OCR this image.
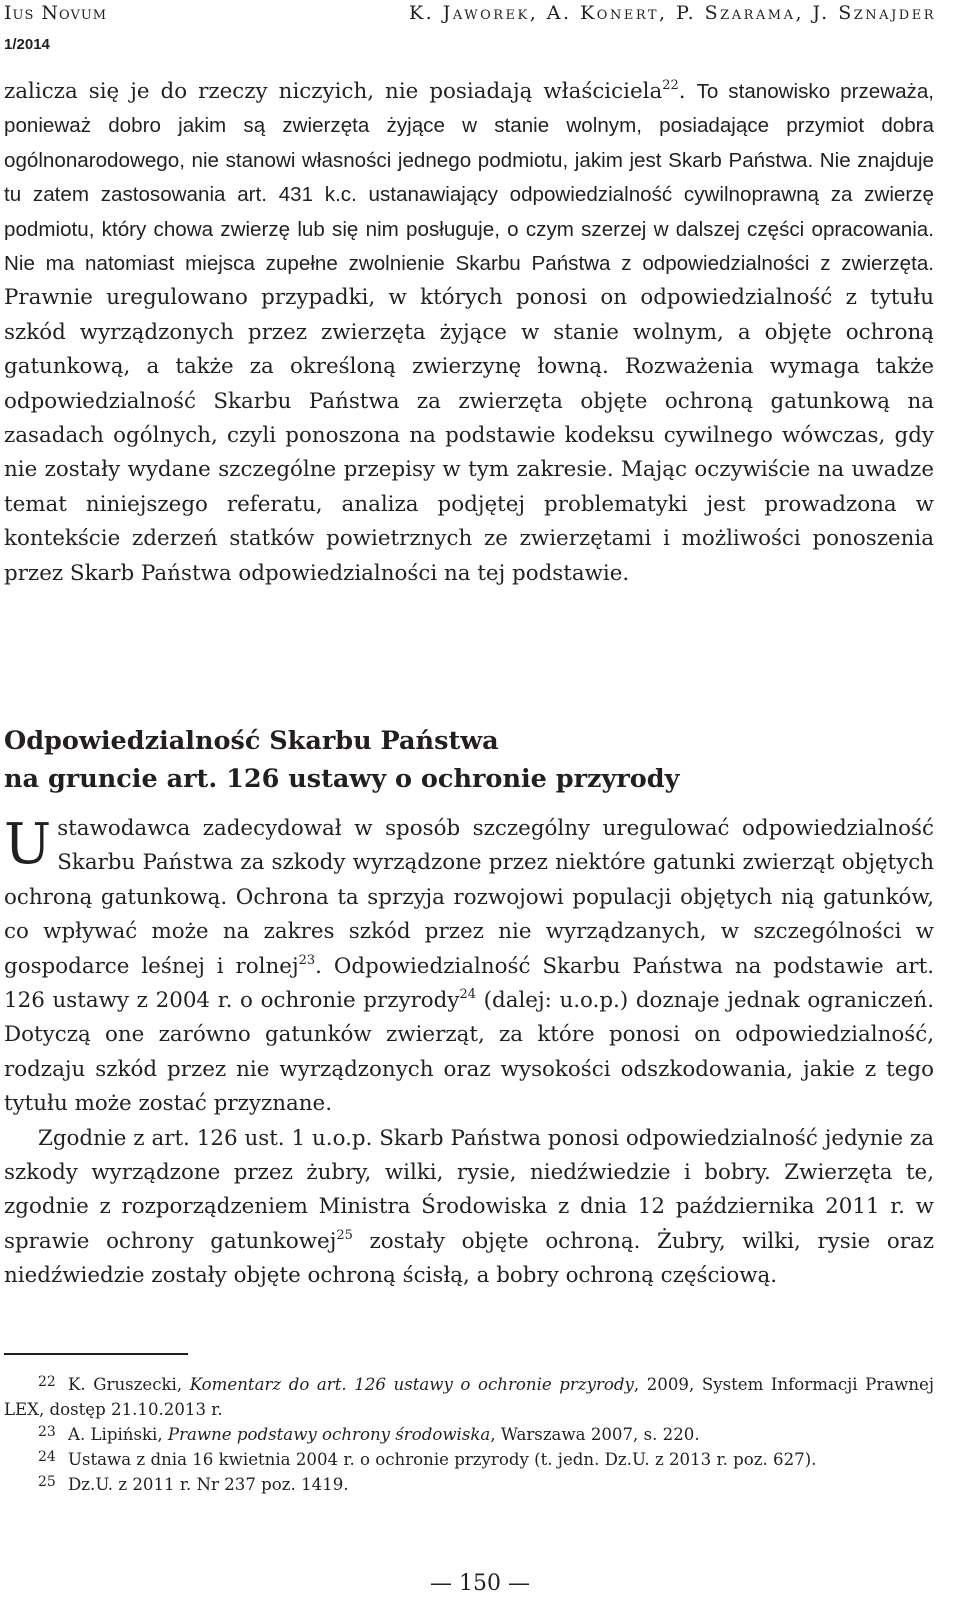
Ius Novum	K. Jaworek, A. Konert, P. Szarama, J. Sznajder
1/2014

zalicza się je do rzeczy niczyich, nie posiadają właściciela$^{22}$. To stanowisko przeważa, ponieważ dobro jakim są zwierzęta żyjące w stanie wolnym, posiadające przymiot dobra ogólnonarodowego, nie stanowi własności jednego podmiotu, jakim jest Skarb Państwa. Nie znajduje tu zatem zastosowania art. 431 k.c. ustanawiający odpowiedzialność cywilnoprawną za zwierzę podmiotu, który chowa zwierzę lub się nim posługuje, o czym szerzej w dalszej części opracowania. Nie ma natomiast miejsca zupełne zwolnienie Skarbu Państwa z odpowiedzialności z zwierzęta. Prawnie uregulowano przypadki, w których ponosi on odpowiedzialność z tytułu szkód wyrządzonych przez zwierzęta żyjące w stanie wolnym, a objęte ochroną gatunkową, a także za określoną zwierzynę łowną. Rozważenia wymaga także odpowiedzialność Skarbu Państwa za zwierzęta objęte ochroną gatunkową na zasadach ogólnych, czyli ponoszona na podstawie kodeksu cywilnego wówczas, gdy nie zostały wydane szczególne przepisy w tym zakresie. Mając oczywiście na uwadze temat niniejszego referatu, analiza podjętej problematyki jest prowadzona w kontekście zderzeń statków powietrznych ze zwierzętami i możliwości ponoszenia przez Skarb Państwa odpowiedzialności na tej podstawie.

Odpowiedzialność Skarbu Państwa
na gruncie art. 126 ustawy o ochronie przyrody

Ustawodawca zadecydował w sposób szczególny uregulować odpowiedzialność Skarbu Państwa za szkody wyrządzone przez niektóre gatunki zwierząt objętych ochroną gatunkową. Ochrona ta sprzyja rozwojowi populacji objętych nią gatunków, co wpływać może na zakres szkód przez nie wyrządzanych, w szczególności w gospodarce leśnej i rolnej$^{23}$. Odpowiedzialność Skarbu Państwa na podstawie art. 126 ustawy z 2004 r. o ochronie przyrody$^{24}$ (dalej: u.o.p.) doznaje jednak ograniczeń. Dotyczą one zarówno gatunków zwierząt, za które ponosi on odpowiedzialność, rodzaju szkód przez nie wyrządzonych oraz wysokości odszkodowania, jakie z tego tytułu może zostać przyznane.

Zgodnie z art. 126 ust. 1 u.o.p. Skarb Państwa ponosi odpowiedzialność jedynie za szkody wyrządzone przez żubry, wilki, rysie, niedźwiedzie i bobry. Zwierzęta te, zgodnie z rozporządzeniem Ministra Środowiska z dnia 12 października 2011 r. w sprawie ochrony gatunkowej$^{25}$ zostały objęte ochroną. Żubry, wilki, rysie oraz niedźwiedzie zostały objęte ochroną ścisłą, a bobry ochroną częściową.

22 K. Gruszecki, Komentarz do art. 126 ustawy o ochronie przyrody, 2009, System Informacji Prawnej LEX, dostęp 21.10.2013 r.

23 A. Lipiński, Prawne podstawy ochrony środowiska, Warszawa 2007, s. 220.

24 Ustawa z dnia 16 kwietnia 2004 r. o ochronie przyrody (t. jedn. Dz.U. z 2013 r. poz. 627).

25 Dz.U. z 2011 r. Nr 237 poz. 1419.

— 150 —
